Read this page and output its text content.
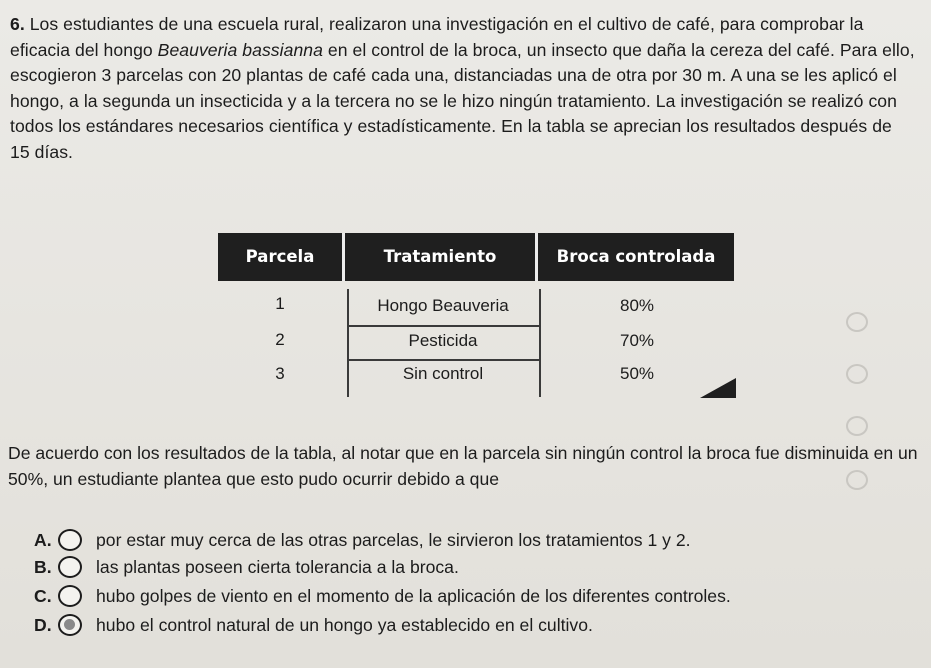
6. Los estudiantes de una escuela rural, realizaron una investigación en el cultivo de café, para comprobar la eficacia del hongo Beauveria bassianna en el control de la broca, un insecto que daña la cereza del café. Para ello, escogieron 3 parcelas con 20 plantas de café cada una, distanciadas una de otra por 30 m. A una se les aplicó el hongo, a la segunda un insecticida y a la tercera no se le hizo ningún tratamiento. La investigación se realizó con todos los estándares necesarios científica y estadísticamente. En la tabla se aprecian los resultados después de 15 días.

Parcela	Tratamiento	Broca controlada
1	Hongo Beauveria	80%
2	Pesticida	70%
3	Sin control	50%

De acuerdo con los resultados de la tabla, al notar que en la parcela sin ningún control la broca fue disminuida en un 50%, un estudiante plantea que esto pudo ocurrir debido a que

A.	por estar muy cerca de las otras parcelas, le sirvieron los tratamientos 1 y 2.
B.	las plantas poseen cierta tolerancia a la broca.
C.	hubo golpes de viento en el momento de la aplicación de los diferentes controles.
D.	hubo el control natural de un hongo ya establecido en el cultivo.
